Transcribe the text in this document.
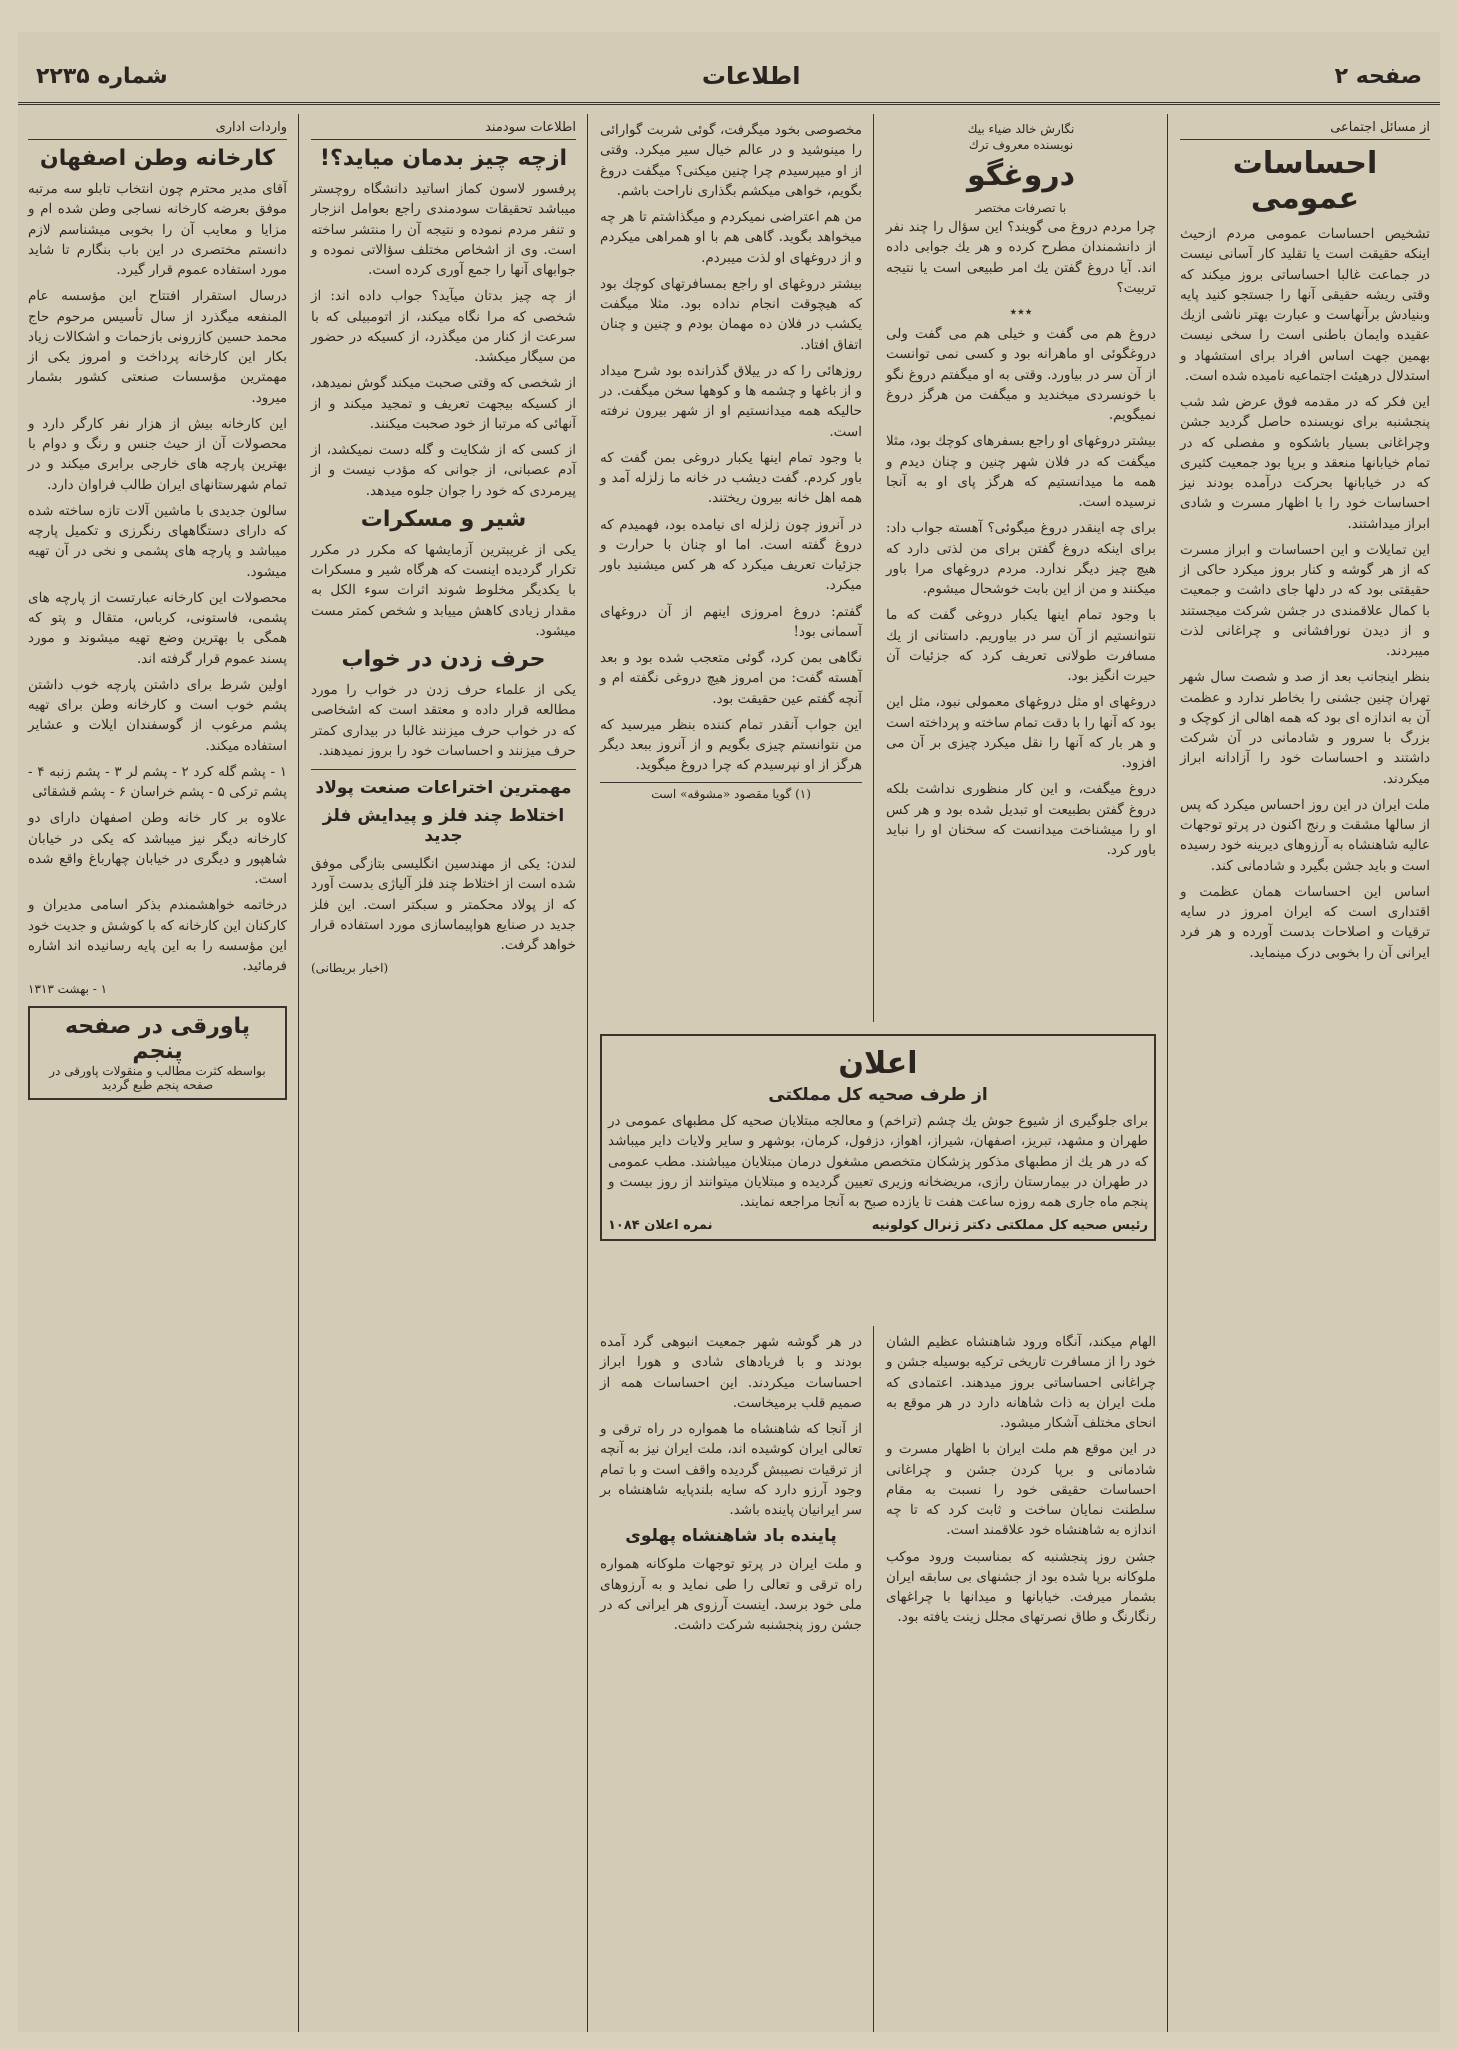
صفحه ۲
اطلاعات
شماره ۲۲۳۵
از مسائل اجتماعی
احساسات عمومی

تشخیص احساسات عمومی مردم ازحیث اینکه حقیقت است یا تقلید کار آسانی نیست در جماعت غالبا احساساتی بروز میکند که وقتی ریشه حقیقی آنها را جستجو کنید پایه وبنیادش برآنهاست و عبارت بهتر ناشی ازیك عقیده وایمان باطنی است را سخی نیست بهمین جهت اساس افراد برای استشهاد و استدلال درهیئت اجتماعیه نامیده شده است.

این فکر که در مقدمه فوق عرض شد شب پنجشنبه برای نویسنده حاصل گردید جشن وچراغانی بسیار باشکوه و مفصلی که در تمام خیابانها منعقد و برپا بود جمعیت کثیری که در خیابانها بحرکت درآمده بودند نیز احساسات خود را با اظهار مسرت و شادی ابراز میداشتند.

این تمایلات و این احساسات و ابراز مسرت که از هر گوشه و کنار بروز میکرد حاکی از حقیقتی بود که در دلها جای داشت و جمعیت با کمال علاقمندی در جشن شرکت میجستند و از دیدن نورافشانی و چراغانی لذت میبردند.

بنظر اینجانب بعد از صد و شصت سال شهر تهران چنین جشنی را بخاطر ندارد و عظمت آن به اندازه ای بود که همه اهالی از کوچک و بزرگ با سرور و شادمانی در آن شرکت داشتند و احساسات خود را آزادانه ابراز میکردند.

ملت ایران در این روز احساس میکرد که پس از سالها مشقت و رنج اکنون در پرتو توجهات عالیه شاهنشاه به آرزوهای دیرینه خود رسیده است و باید جشن بگیرد و شادمانی کند.

اساس این احساسات همان عظمت و اقتداری است که ایران امروز در سایه ترقیات و اصلاحات بدست آورده و هر فرد ایرانی آن را بخوبی درک مینماید.

نگارش خالد ضیاء بیك
نویسنده معروف ترك
دروغگو
با تصرفات مختصر

چرا مردم دروغ می گویند؟ این سؤال را چند نفر از دانشمندان مطرح کرده و هر یك جوابی داده اند. آیا دروغ گفتن یك امر طبیعی است یا نتیجه تربیت؟

٭٭٭

دروغ هم می گفت و خیلی هم می گفت ولی دروغگوئی او ماهرانه بود و کسی نمی توانست از آن سر در بیاورد. وقتی به او میگفتم دروغ نگو با خونسردی میخندید و میگفت من هرگز دروغ نمیگویم.

بیشتر دروغهای او راجع بسفرهای کوچك بود، مثلا میگفت که در فلان شهر چنین و چنان دیدم و همه ما میدانستیم که هرگز پای او به آنجا نرسیده است.

برای چه اینقدر دروغ میگوئی؟ آهسته جواب داد: برای اینکه دروغ گفتن برای من لذتی دارد که هیچ چیز دیگر ندارد. مردم دروغهای مرا باور میکنند و من از این بابت خوشحال میشوم.

با وجود تمام اینها یکبار دروغی گفت که ما نتوانستیم از آن سر در بیاوریم. داستانی از یك مسافرت طولانی تعریف کرد که جزئیات آن حیرت انگیز بود.

دروغهای او مثل دروغهای معمولی نبود، مثل این بود که آنها را با دقت تمام ساخته و پرداخته است و هر بار که آنها را نقل میکرد چیزی بر آن می افزود.

دروغ میگفت، و این کار منظوری نداشت بلکه دروغ گفتن بطبیعت او تبدیل شده بود و هر کس او را میشناخت میدانست که سخنان او را نباید باور کرد.

مخصوصی بخود میگرفت، گوئی شربت گوارائی را مینوشید و در عالم خیال سیر میکرد. وقتی از او میپرسیدم چرا چنین میکنی؟ میگفت دروغ بگویم، خواهی میکشم بگذاری ناراحت باشم.

من هم اعتراضی نمیکردم و میگذاشتم تا هر چه میخواهد بگوید. گاهی هم با او همراهی میکردم و از دروغهای او لذت میبردم.

بیشتر دروغهای او راجع بمسافرتهای کوچك بود که هیچوقت انجام نداده بود. مثلا میگفت یکشب در فلان ده مهمان بودم و چنین و چنان اتفاق افتاد.

روزهائی را که در ییلاق گذرانده بود شرح میداد و از باغها و چشمه ها و کوهها سخن میگفت. در حالیکه همه میدانستیم او از شهر بیرون نرفته است.

با وجود تمام اینها یکبار دروغی بمن گفت که باور کردم. گفت دیشب در خانه ما زلزله آمد و همه اهل خانه بیرون ریختند.

در آنروز چون زلزله ای نیامده بود، فهمیدم که دروغ گفته است. اما او چنان با حرارت و جزئیات تعریف میکرد که هر کس میشنید باور میکرد.

گفتم: دروغ امروزی اینهم از آن دروغهای آسمانی بود!

نگاهی بمن کرد، گوئی متعجب شده بود و بعد آهسته گفت: من امروز هیچ دروغی نگفته ام و آنچه گفتم عین حقیقت بود.

این جواب آنقدر تمام کننده بنظر میرسید که من نتوانستم چیزی بگویم و از آنروز ببعد دیگر هرگز از او نپرسیدم که چرا دروغ میگوید.

(۱) گویا مقصود «مشوقه» است
اعلان
از طرف صحیه کل مملکتی

برای جلوگیری از شیوع جوش یك چشم (تراخم) و معالجه مبتلایان صحیه کل مطبهای عمومی در طهران و مشهد، تبریز، اصفهان، شیراز، اهواز، دزفول، کرمان، بوشهر و سایر ولایات دایر میباشد که در هر یك از مطبهای مذکور پزشکان متخصص مشغول درمان مبتلایان میباشند. مطب عمومی در طهران در بیمارستان رازی، مریضخانه وزیری تعیین گردیده و مبتلایان میتوانند از روز بیست و پنجم ماه جاری همه روزه ساعت هفت تا یازده صبح به آنجا مراجعه نمایند.

رئیس صحیه کل مملکتی دکتر ژنرال کولونیه
نمره اعلان ۱۰۸۴

الهام میکند، آنگاه ورود شاهنشاه عظیم الشان خود را از مسافرت تاریخی ترکیه بوسیله جشن و چراغانی احساساتی بروز میدهند. اعتمادی که ملت ایران به ذات شاهانه دارد در هر موقع به انحای مختلف آشکار میشود.

در این موقع هم ملت ایران با اظهار مسرت و شادمانی و برپا کردن جشن و چراغانی احساسات حقیقی خود را نسبت به مقام سلطنت نمایان ساخت و ثابت کرد که تا چه اندازه به شاهنشاه خود علاقمند است.

جشن روز پنجشنبه که بمناسبت ورود موکب ملوکانه برپا شده بود از جشنهای بی سابقه ایران بشمار میرفت. خیابانها و میدانها با چراغهای رنگارنگ و طاق نصرتهای مجلل زینت یافته بود.

در هر گوشه شهر جمعیت انبوهی گرد آمده بودند و با فریادهای شادی و هورا ابراز احساسات میکردند. این احساسات همه از صمیم قلب برمیخاست.

از آنجا که شاهنشاه ما همواره در راه ترقی و تعالی ایران کوشیده اند، ملت ایران نیز به آنچه از ترقیات نصیبش گردیده واقف است و با تمام وجود آرزو دارد که سایه بلندپایه شاهنشاه بر سر ایرانیان پاینده باشد.

پاینده باد شاهنشاه پهلوی

و ملت ایران در پرتو توجهات ملوکانه همواره راه ترقی و تعالی را طی نماید و به آرزوهای ملی خود برسد. اینست آرزوی هر ایرانی که در جشن روز پنجشنبه شرکت داشت.

اطلاعات سودمند
ازچه چیز بدمان میاید؟!

پرفسور لاسون کماز اساتید دانشگاه روچستر میباشد تحقیقات سودمندی راجع بعوامل انزجار و تنفر مردم نموده و نتیجه آن را منتشر ساخته است. وی از اشخاص مختلف سؤالاتی نموده و جوابهای آنها را جمع آوری کرده است.

از چه چیز بدتان میآید؟ جواب داده اند: از شخصی که مرا نگاه میکند، از اتومبیلی که با سرعت از کنار من میگذرد، از کسیکه در حضور من سیگار میکشد.

از شخصی که وقتی صحبت میکند گوش نمیدهد، از کسیکه بیجهت تعریف و تمجید میکند و از آنهائی که مرتبا از خود صحبت میکنند.

از کسی که از شکایت و گله دست نمیکشد، از آدم عصبانی، از جوانی که مؤدب نیست و از پیرمردی که خود را جوان جلوه میدهد.

شیر و مسکرات

یکی از غریبترین آزمایشها که مکرر در مکرر تکرار گردیده اینست که هرگاه شیر و مسکرات با یکدیگر مخلوط شوند اثرات سوء الکل به مقدار زیادی کاهش مییابد و شخص کمتر مست میشود.

حرف زدن در خواب

یکی از علماء حرف زدن در خواب را مورد مطالعه قرار داده و معتقد است که اشخاصی که در خواب حرف میزنند غالبا در بیداری کمتر حرف میزنند و احساسات خود را بروز نمیدهند.

مهمترین اختراعات صنعت پولاد
اختلاط چند فلز و پیدایش فلز جدید

لندن: یکی از مهندسین انگلیسی بتازگی موفق شده است از اختلاط چند فلز آلیاژی بدست آورد که از پولاد محکمتر و سبکتر است. این فلز جدید در صنایع هواپیماسازی مورد استفاده قرار خواهد گرفت.

(اخبار بریطانی)
واردات اداری
کارخانه وطن اصفهان

آقای مدیر محترم چون انتخاب تابلو سه مرتبه موفق بعرضه کارخانه نساجی وطن شده ام و مزایا و معایب آن را بخوبی میشناسم لازم دانستم مختصری در این باب بنگارم تا شاید مورد استفاده عموم قرار گیرد.

درسال استقرار افتتاح این مؤسسه عام المنفعه میگذرد از سال تأسیس مرحوم حاج محمد حسین کازرونی بازحمات و اشکالات زیاد بکار این کارخانه پرداخت و امروز یکی از مهمترین مؤسسات صنعتی کشور بشمار میرود.

این کارخانه بیش از هزار نفر کارگر دارد و محصولات آن از حیث جنس و رنگ و دوام با بهترین پارچه های خارجی برابری میکند و در تمام شهرستانهای ایران طالب فراوان دارد.

سالون جدیدی با ماشین آلات تازه ساخته شده که دارای دستگاههای رنگرزی و تکمیل پارچه میباشد و پارچه های پشمی و نخی در آن تهیه میشود.

محصولات این کارخانه عبارتست از پارچه های پشمی، فاستونی، کرباس، متقال و پتو که همگی با بهترین وضع تهیه میشوند و مورد پسند عموم قرار گرفته اند.

اولین شرط برای داشتن پارچه خوب داشتن پشم خوب است و کارخانه وطن برای تهیه پشم مرغوب از گوسفندان ایلات و عشایر استفاده میکند.

۱ - پشم گله کرد ۲ - پشم لر ۳ - پشم زنبه ۴ - پشم ترکی ۵ - پشم خراسان ۶ - پشم قشقائی

علاوه بر کار خانه وطن اصفهان دارای دو کارخانه دیگر نیز میباشد که یکی در خیابان شاهپور و دیگری در خیابان چهارباغ واقع شده است.

درخاتمه خواهشمندم بذکر اسامی مدیران و کارکنان این کارخانه که با کوشش و جدیت خود این مؤسسه را به این پایه رسانیده اند اشاره فرمائید.

۱ - بهشت ۱۳۱۳
پاورقی در صفحه پنجم
بواسطه کثرت مطالب و منقولات پاورقی در صفحه پنجم طبع گردید
